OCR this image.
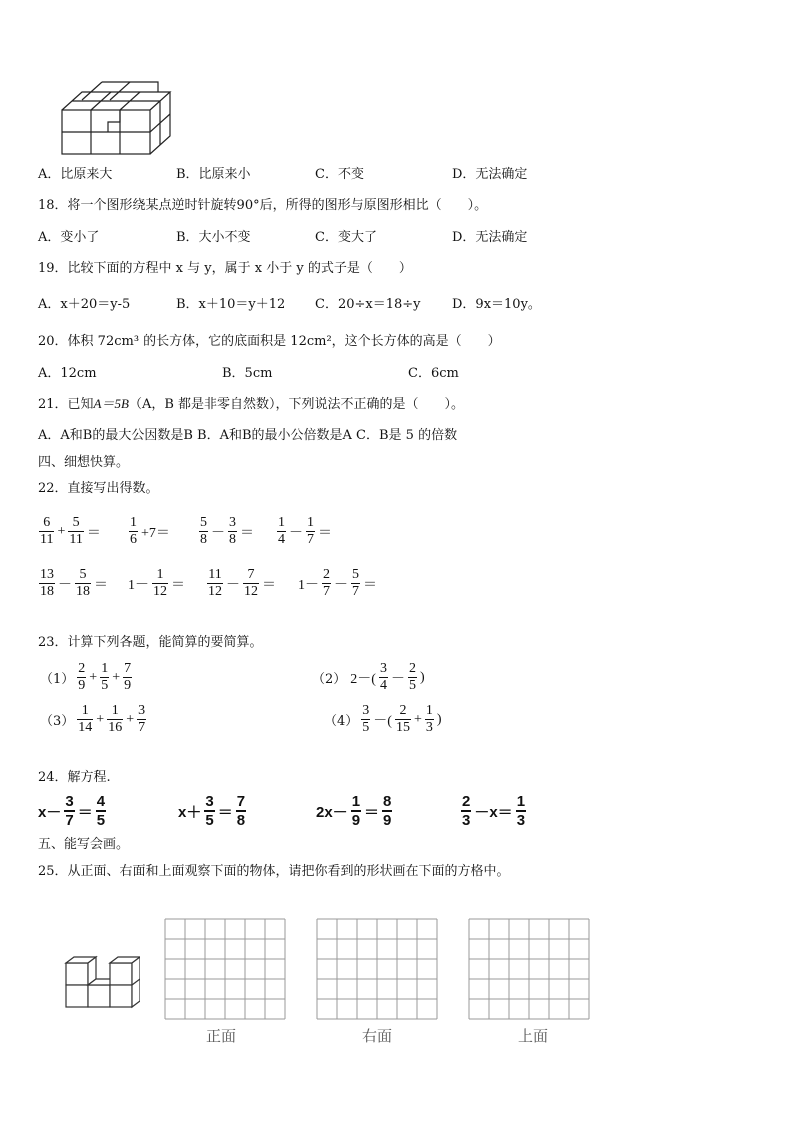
A．比原来大	B．比原来小	C．不变	D．无法确定
18．将一个图形绕某点逆时针旋转90°后，所得的图形与原图形相比（　　）。
A．变小了	B．大小不变	C．变大了	D．无法确定
19．比较下面的方程中 x 与 y，属于 x 小于 y 的式子是（　　）
A．x＋20＝y-5	B．x＋10＝y＋12 C．20÷x＝18÷y D．9x＝10y。
20．体积 72cm³ 的长方体，它的底面积是 12cm²，这个长方体的高是（　　）
A．12cm	B．5cm	C．6cm
21．已知A＝5B（A，B 都是非零自然数），下列说法不正确的是（　　）。
A．A和B的最大公因数是B B．A和B的最小公倍数是A C．B是 5 的倍数
四、细想快算。
22．直接写出得数。
$\frac{6}{11} + \frac{5}{11} = \frac{1}{6} +7= \frac{5}{8} - \frac{3}{8} = \frac{1}{4} - \frac{1}{7}$ ＝
$\frac{13}{18} - \frac{5}{18} = 1- \frac{1}{12} = \frac{11}{12} - \frac{7}{12} = 1- \frac{2}{7} - \frac{5}{7}$ ＝
23．计算下列各题，能简算的要简算。
$(1) \frac{2}{9} + \frac{1}{5} + \frac{7}{9}$	（2） $2-( \frac{3}{4} - \frac{2}{5}$ )
$(3) \frac{1}{14} + \frac{1}{16} + \frac{3}{7}$	$(4) \frac{3}{5}$ －( $\frac{2}{15} + \frac{1}{3}$ )
24．解方程.
$x- \frac{3}{7} = \frac{4}{5}$	$x+ \frac{3}{5} = \frac{7}{8}$	$2x- \frac{1}{9} = \frac{8}{9}$	$\frac{2}{3} -x= \frac{1}{3}$
五、能写会画。
25．从正面、右面和上面观察下面的物体，请把你看到的形状画在下面的方格中。
正面	右面	上面
